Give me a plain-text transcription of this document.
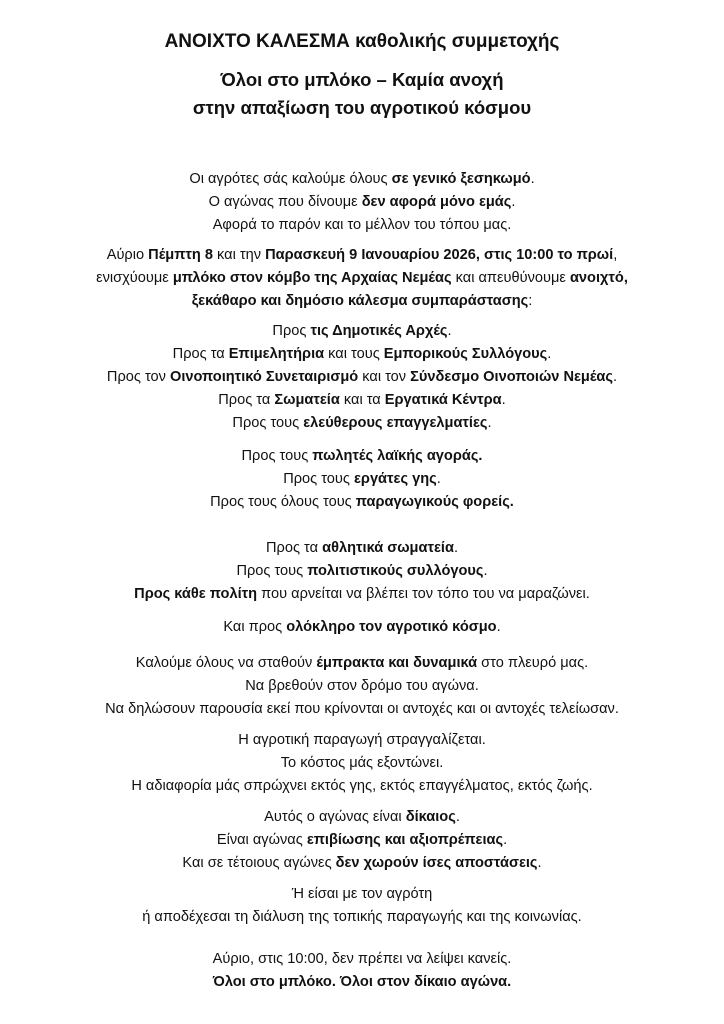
ΑΝΟΙΧΤΟ ΚΑΛΕΣΜΑ καθολικής συμμετοχής
Όλοι στο μπλόκο – Καμία ανοχή
στην απαξίωση του αγροτικού κόσμου

Οι αγρότες σάς καλούμε όλους σε γενικό ξεσηκωμό.

Ο αγώνας που δίνουμε δεν αφορά μόνο εμάς.

Αφορά το παρόν και το μέλλον του τόπου μας.

Αύριο Πέμπτη 8 και την Παρασκευή 9 Ιανουαρίου 2026, στις 10:00 το πρωί,

ενισχύουμε μπλόκο στον κόμβο της Αρχαίας Νεμέας και απευθύνουμε ανοιχτό,

ξεκάθαρο και δημόσιο κάλεσμα συμπαράστασης:

Προς τις Δημοτικές Αρχές.

Προς τα Επιμελητήρια και τους Εμπορικούς Συλλόγους.

Προς τον Οινοποιητικό Συνεταιρισμό και τον Σύνδεσμο Οινοποιών Νεμέας.

Προς τα Σωματεία και τα Εργατικά Κέντρα.

Προς τους ελεύθερους επαγγελματίες.

Προς τους πωλητές λαϊκής αγοράς.

Προς τους εργάτες γης.

Προς τους όλους τους παραγωγικούς φορείς.

Προς τα αθλητικά σωματεία.

Προς τους πολιτιστικούς συλλόγους.

Προς κάθε πολίτη που αρνείται να βλέπει τον τόπο του να μαραζώνει.

Και προς ολόκληρο τον αγροτικό κόσμο.

Καλούμε όλους να σταθούν έμπρακτα και δυναμικά στο πλευρό μας.

Να βρεθούν στον δρόμο του αγώνα.

Να δηλώσουν παρουσία εκεί που κρίνονται οι αντοχές και οι αντοχές τελείωσαν.

Η αγροτική παραγωγή στραγγαλίζεται.

Το κόστος μάς εξοντώνει.

Η αδιαφορία μάς σπρώχνει εκτός γης, εκτός επαγγέλματος, εκτός ζωής.

Αυτός ο αγώνας είναι δίκαιος.

Είναι αγώνας επιβίωσης και αξιοπρέπειας.

Και σε τέτοιους αγώνες δεν χωρούν ίσες αποστάσεις.

Ή είσαι με τον αγρότη

ή αποδέχεσαι τη διάλυση της τοπικής παραγωγής και της κοινωνίας.

Αύριο, στις 10:00, δεν πρέπει να λείψει κανείς.

Όλοι στο μπλόκο. Όλοι στον δίκαιο αγώνα.
